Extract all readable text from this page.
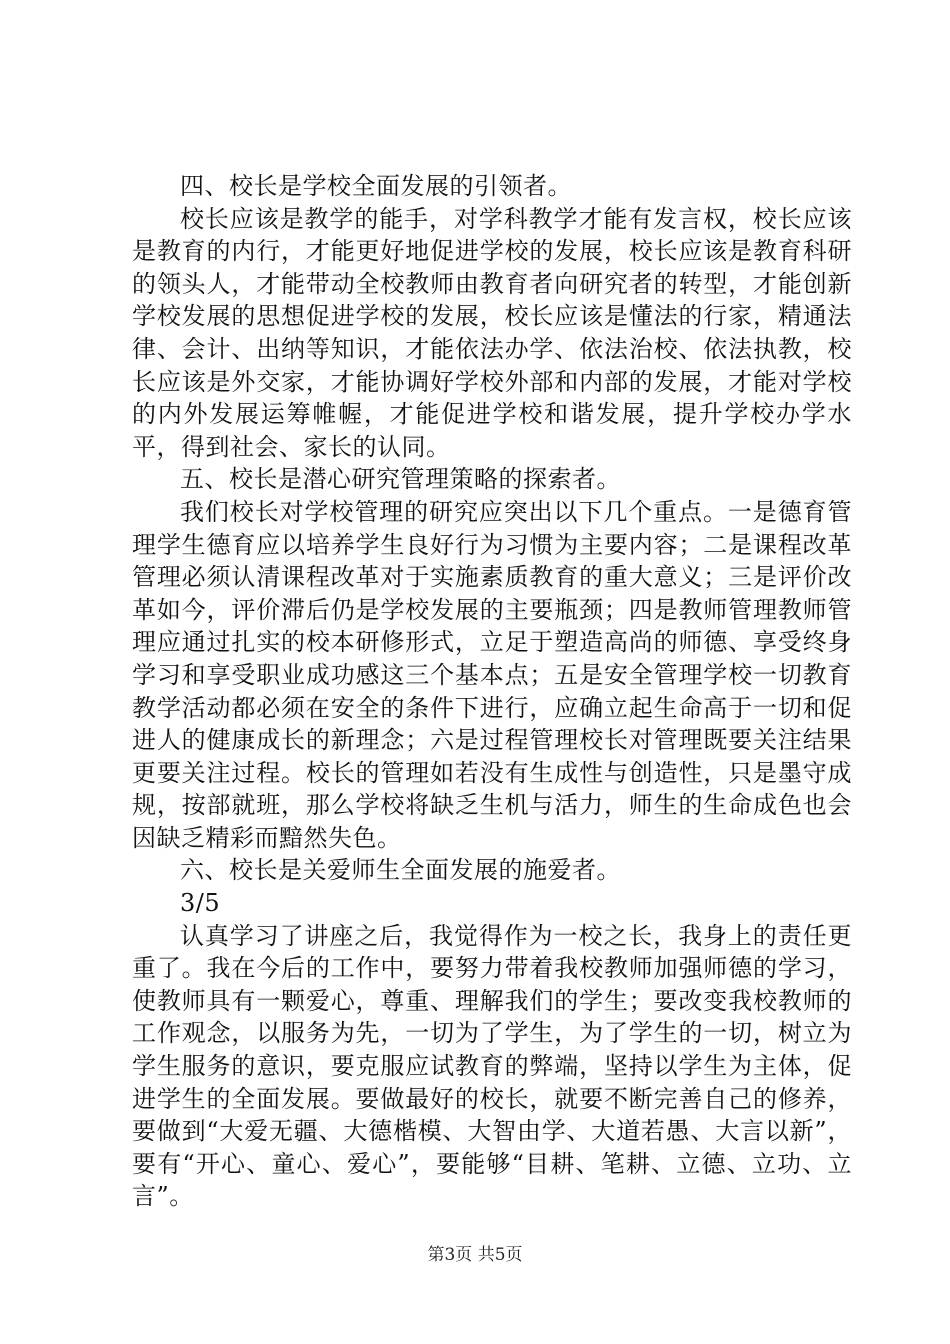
四、校长是学校全面发展的引领者。

校长应该是教学的能手，对学科教学才能有发言权，校长应该是教育的内行，才能更好地促进学校的发展，校长应该是教育科研的领头人，才能带动全校教师由教育者向研究者的转型，才能创新学校发展的思想促进学校的发展，校长应该是懂法的行家，精通法律、会计、出纳等知识，才能依法办学、依法治校、依法执教，校长应该是外交家，才能协调好学校外部和内部的发展，才能对学校的内外发展运筹帷幄，才能促进学校和谐发展，提升学校办学水平，得到社会、家长的认同。

五、校长是潜心研究管理策略的探索者。

我们校长对学校管理的研究应突出以下几个重点。一是德育管理学生德育应以培养学生良好行为习惯为主要内容；二是课程改革管理必须认清课程改革对于实施素质教育的重大意义；三是评价改革如今，评价滞后仍是学校发展的主要瓶颈；四是教师管理教师管理应通过扎实的校本研修形式，立足于塑造高尚的师德、享受终身学习和享受职业成功感这三个基本点；五是安全管理学校一切教育教学活动都必须在安全的条件下进行，应确立起生命高于一切和促进人的健康成长的新理念；六是过程管理校长对管理既要关注结果更要关注过程。校长的管理如若没有生成性与创造性，只是墨守成规，按部就班，那么学校将缺乏生机与活力，师生的生命成色也会因缺乏精彩而黯然失色。

六、校长是关爱师生全面发展的施爱者。

3/5

认真学习了讲座之后，我觉得作为一校之长，我身上的责任更重了。我在今后的工作中，要努力带着我校教师加强师德的学习，使教师具有一颗爱心，尊重、理解我们的学生；要改变我校教师的工作观念，以服务为先，一切为了学生，为了学生的一切，树立为学生服务的意识，要克服应试教育的弊端，坚持以学生为主体，促进学生的全面发展。要做最好的校长，就要不断完善自己的修养，要做到“大爱无疆、大德楷模、大智由学、大道若愚、大言以新”，要有“开心、童心、爱心”，要能够“目耕、笔耕、立德、立功、立言”。

第3页 共5页
